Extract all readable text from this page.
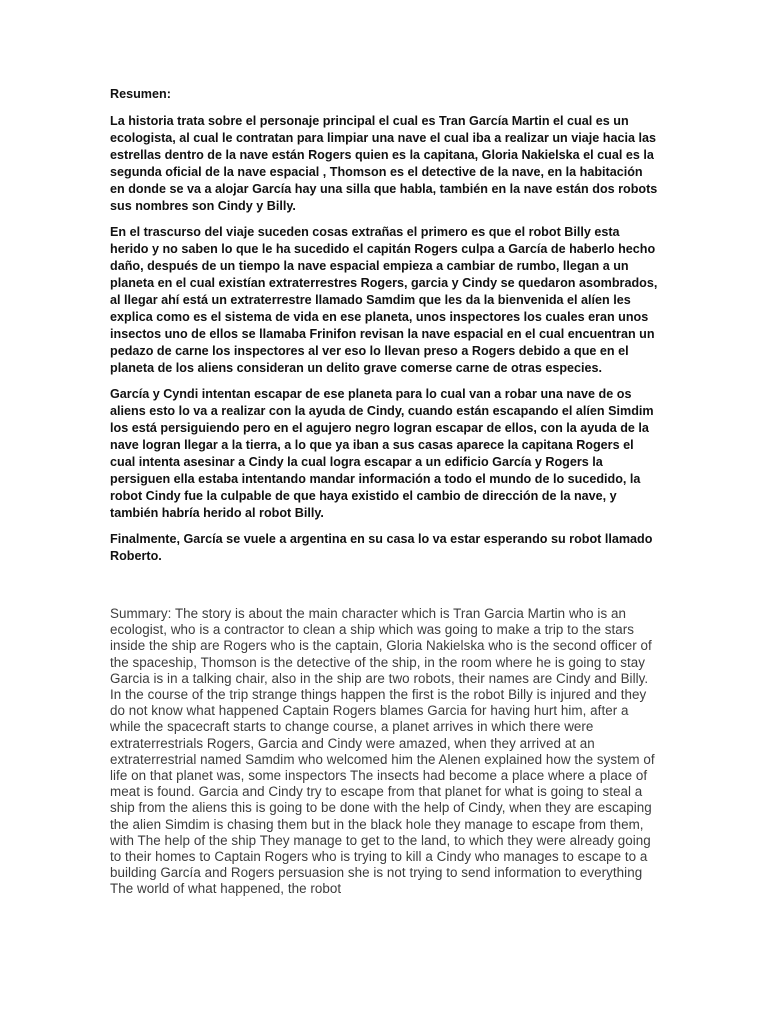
Resumen:

La historia trata sobre el personaje principal el cual es Tran García Martin el cual es un ecologista, al cual le contratan para limpiar una nave el cual iba a realizar un viaje hacia las estrellas dentro de la nave están Rogers quien es la capitana, Gloria Nakielska el cual es la segunda oficial de la nave espacial , Thomson es el detective de la nave, en la habitación en donde se va a alojar García hay una silla que habla, también en la nave están dos robots sus nombres son Cindy y Billy.

En el trascurso del viaje suceden cosas extrañas el primero es que el robot Billy esta herido y no saben lo que le ha sucedido el capitán Rogers culpa a García de haberlo hecho daño, después de un tiempo la nave espacial empieza a cambiar de rumbo, llegan a un planeta en el cual existían extraterrestres Rogers, garcia y Cindy se quedaron asombrados, al llegar ahí está un extraterrestre llamado Samdim que les da la bienvenida el alíen les explica como es el sistema de vida en ese planeta, unos inspectores los cuales eran unos insectos uno de ellos se llamaba Frinifon revisan la nave espacial en el cual encuentran un pedazo de carne los inspectores al ver eso lo llevan preso a Rogers debido a que en el planeta de los aliens consideran un delito grave comerse carne de otras especies.

García y Cyndi intentan escapar de ese planeta para lo cual van a robar una nave de os aliens esto lo va a realizar con la ayuda de Cindy, cuando están escapando el alíen Simdim los está persiguiendo pero en el agujero negro logran escapar de ellos, con la ayuda de la nave logran llegar a la tierra, a lo que ya iban a sus casas aparece la capitana Rogers el cual intenta asesinar a Cindy la cual logra escapar a un edificio García y Rogers la persiguen ella estaba intentando mandar información a todo el mundo de lo sucedido, la robot Cindy fue la culpable de que haya existido el cambio de dirección de la nave, y también habría herido al robot Billy.

Finalmente, García se vuele a argentina en su casa lo va estar esperando su robot llamado Roberto.

Summary: The story is about the main character which is Tran Garcia Martin who is an ecologist, who is a contractor to clean a ship which was going to make a trip to the stars inside the ship are Rogers who is the captain, Gloria Nakielska who is the second officer of the spaceship, Thomson is the detective of the ship, in the room where he is going to stay Garcia is in a talking chair, also in the ship are two robots, their names are Cindy and Billy. In the course of the trip strange things happen the first is the robot Billy is injured and they do not know what happened Captain Rogers blames Garcia for having hurt him, after a while the spacecraft starts to change course, a planet arrives in which there were extraterrestrials Rogers, Garcia and Cindy were amazed, when they arrived at an extraterrestrial named Samdim who welcomed him the Alenen explained how the system of life on that planet was, some inspectors The insects had become a place where a place of meat is found. Garcia and Cindy try to escape from that planet for what is going to steal a ship from the aliens this is going to be done with the help of Cindy, when they are escaping the alien Simdim is chasing them but in the black hole they manage to escape from them, with The help of the ship They manage to get to the land, to which they were already going to their homes to Captain Rogers who is trying to kill a Cindy who manages to escape to a building García and Rogers persuasion she is not trying to send information to everything The world of what happened, the robot
